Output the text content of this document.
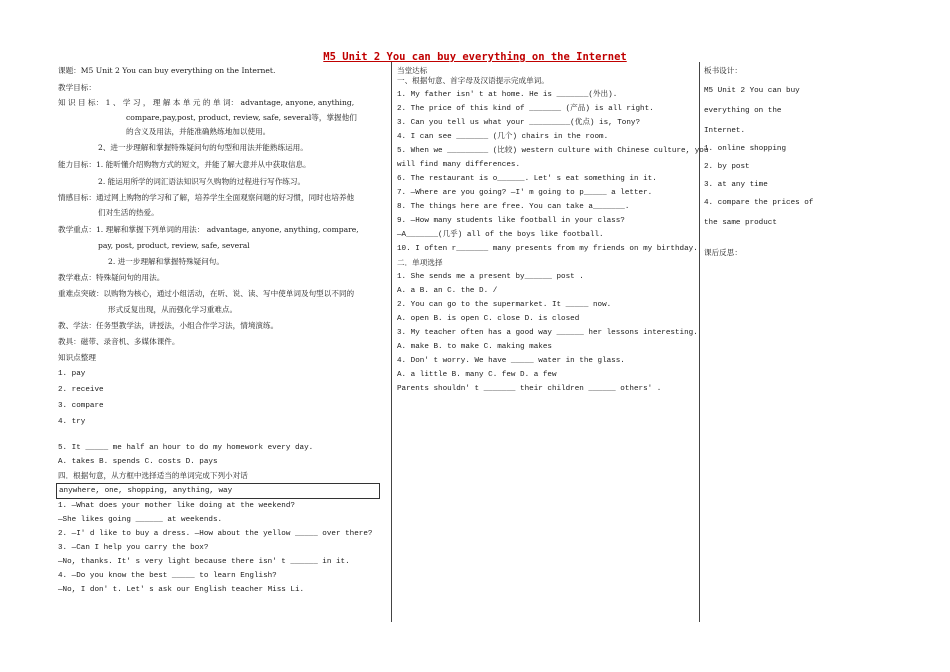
M5 Unit 2 You can buy everything on the Internet
课题：M5 Unit 2 You can buy everything on the Internet.
教学目标：
知 识 目 标： 1 、 学 习 ， 理 解 本 单 元 的 单 词： advantage, anyone, anything,
compare,pay,post, product, review, safe, several等，掌握他们
的含义及用法，并能准确熟练地加以使用。
2、进一步理解和掌握特殊疑问句的句型和用法并能熟练运用。
能力目标：1. 能听懂介绍购物方式的短文，并能了解大意并从中获取信息。
2. 能运用所学的词汇语法知识写久购物的过程进行写作练习。
情感目标：通过网上购物的学习和了解，培养学生全面观察问题的好习惯，同时也培养他
们对生活的热爱。
教学重点：1. 理解和掌握下列单词的用法： advantage, anyone, anything, compare,
pay, post, product, review, safe, several
2. 进一步理解和掌握特殊疑问句。
教学难点：特殊疑问句的用法。
重难点突破：以购物为核心，通过小组活动，在听、说、读、写中使单词及句型以不同的
形式反复出现，从而强化学习重难点。
教、学法：任务型教学法，讲授法，小组合作学习法，情境演练。
教具：磁带、录音机、多媒体课件。
知识点整理
1. pay
2. receive
3. compare
4. try
5. It _____ me half an hour to do my homework every day.
A. takes B. spends C. costs D. pays
四．根据句意，从方框中选择适当的单词完成下列小对话
anywhere, one, shopping, anything, way
1. —What does your mother like doing at the weekend?
—She likes going ______ at weekends.
2. —I' d like to buy a dress. —How about the yellow _____ over there?
3. —Can I help you carry the box?
—No, thanks. It' s very light because there isn' t ______ in it.
4. —Do you know the best _____ to learn English?
—No, I don' t. Let' s ask our English teacher Miss Li.
当堂达标
一、根据句意、首字母及汉语提示完成单词。
1. My father isn' t at home. He is _______(外出).
2. The price of this kind of _______ (产品) is all right.
3. Can you tell us what your _________(优点) is, Tony?
4. I can see _______ (几个) chairs in the room.
5. When we _________ (比较) western culture with Chinese culture, you
will find many differences.
6. The restaurant is o______. Let' s eat something in it.
7. —Where are you going? —I' m going to p_____ a letter.
8. The things here are free. You can take a_______.
9. —How many students like football in your class?
—A_______(几乎) all of the boys like football.
10. I often r_______ many presents from my friends on my birthday.
二．单项选择
1. She sends me a present by______ post .
A. a B. an C. the D. /
2. You can go to the supermarket. It _____ now.
A. open B. is open C. close D. is closed
3. My teacher often has a good way ______ her lessons interesting.
A. make B. to make C. making makes
4. Don' t worry. We have _____ water in the glass.
A. a little B. many C. few D. a few
Parents shouldn' t _______ their children ______ others' .
板书设计：
M5 Unit 2 You can buy
everything on the
Internet.
1. online shopping
2. by post
3. at any time
4. compare the prices of
the same product
课后反思：
